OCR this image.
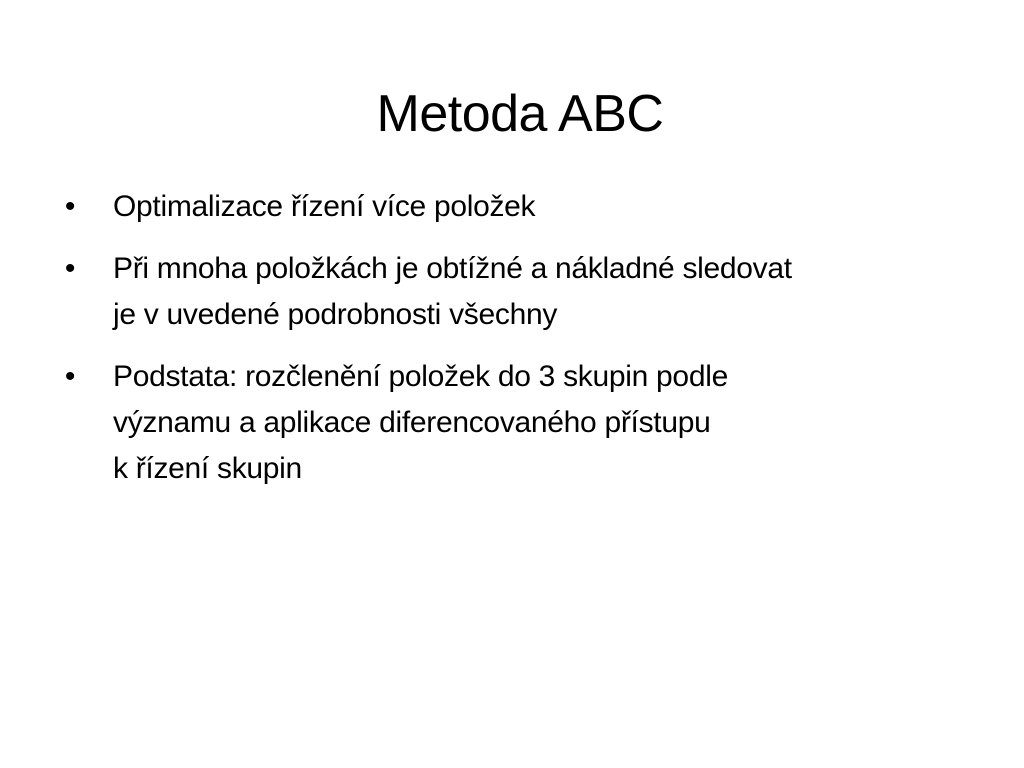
Metoda ABC
• Optimalizace řízení více položek
• Při mnoha položkách je obtížné a nákladné sledovat
je v uvedené podrobnosti všechny
• Podstata: rozčlenění položek do 3 skupin podle
významu a aplikace diferencovaného přístupu
k řízení skupin
